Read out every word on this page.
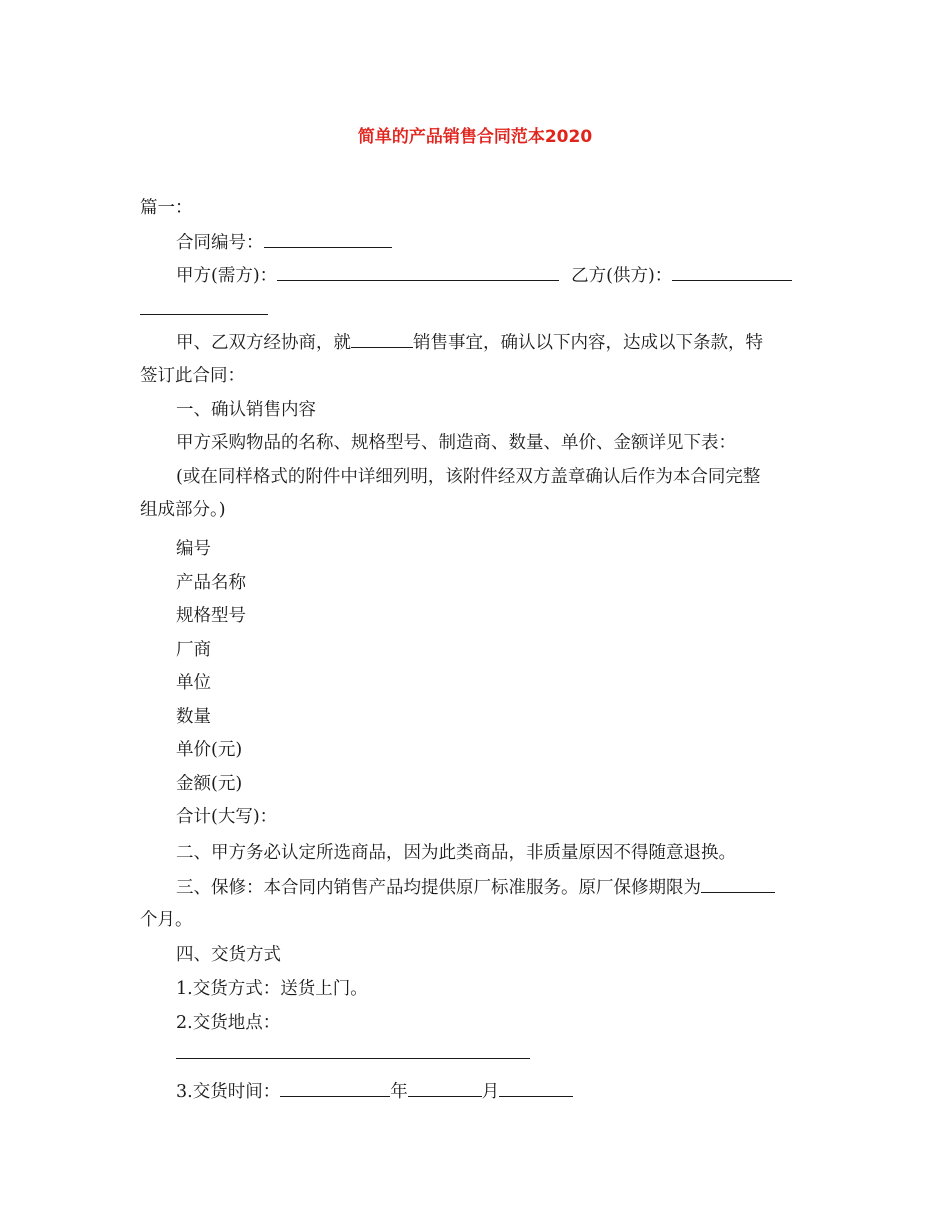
简单的产品销售合同范本2020
篇一：
合同编号：
甲方(需方)：	乙方(供方)：
甲、乙双方经协商，就	销售事宜，确认以下内容，达成以下条款，特
签订此合同：
一、确认销售内容
甲方采购物品的名称、规格型号、制造商、数量、单价、金额详见下表：
(或在同样格式的附件中详细列明，该附件经双方盖章确认后作为本合同完整
组成部分。)
编号
产品名称
规格型号
厂商
单位
数量
单价(元)
金额(元)
合计(大写)：
二、甲方务必认定所选商品，因为此类商品，非质量原因不得随意退换。
三、保修：本合同内销售产品均提供原厂标准服务。原厂保修期限为
个月。
四、交货方式
1.交货方式：送货上门。
2.交货地点：
3.交货时间：	年	月
